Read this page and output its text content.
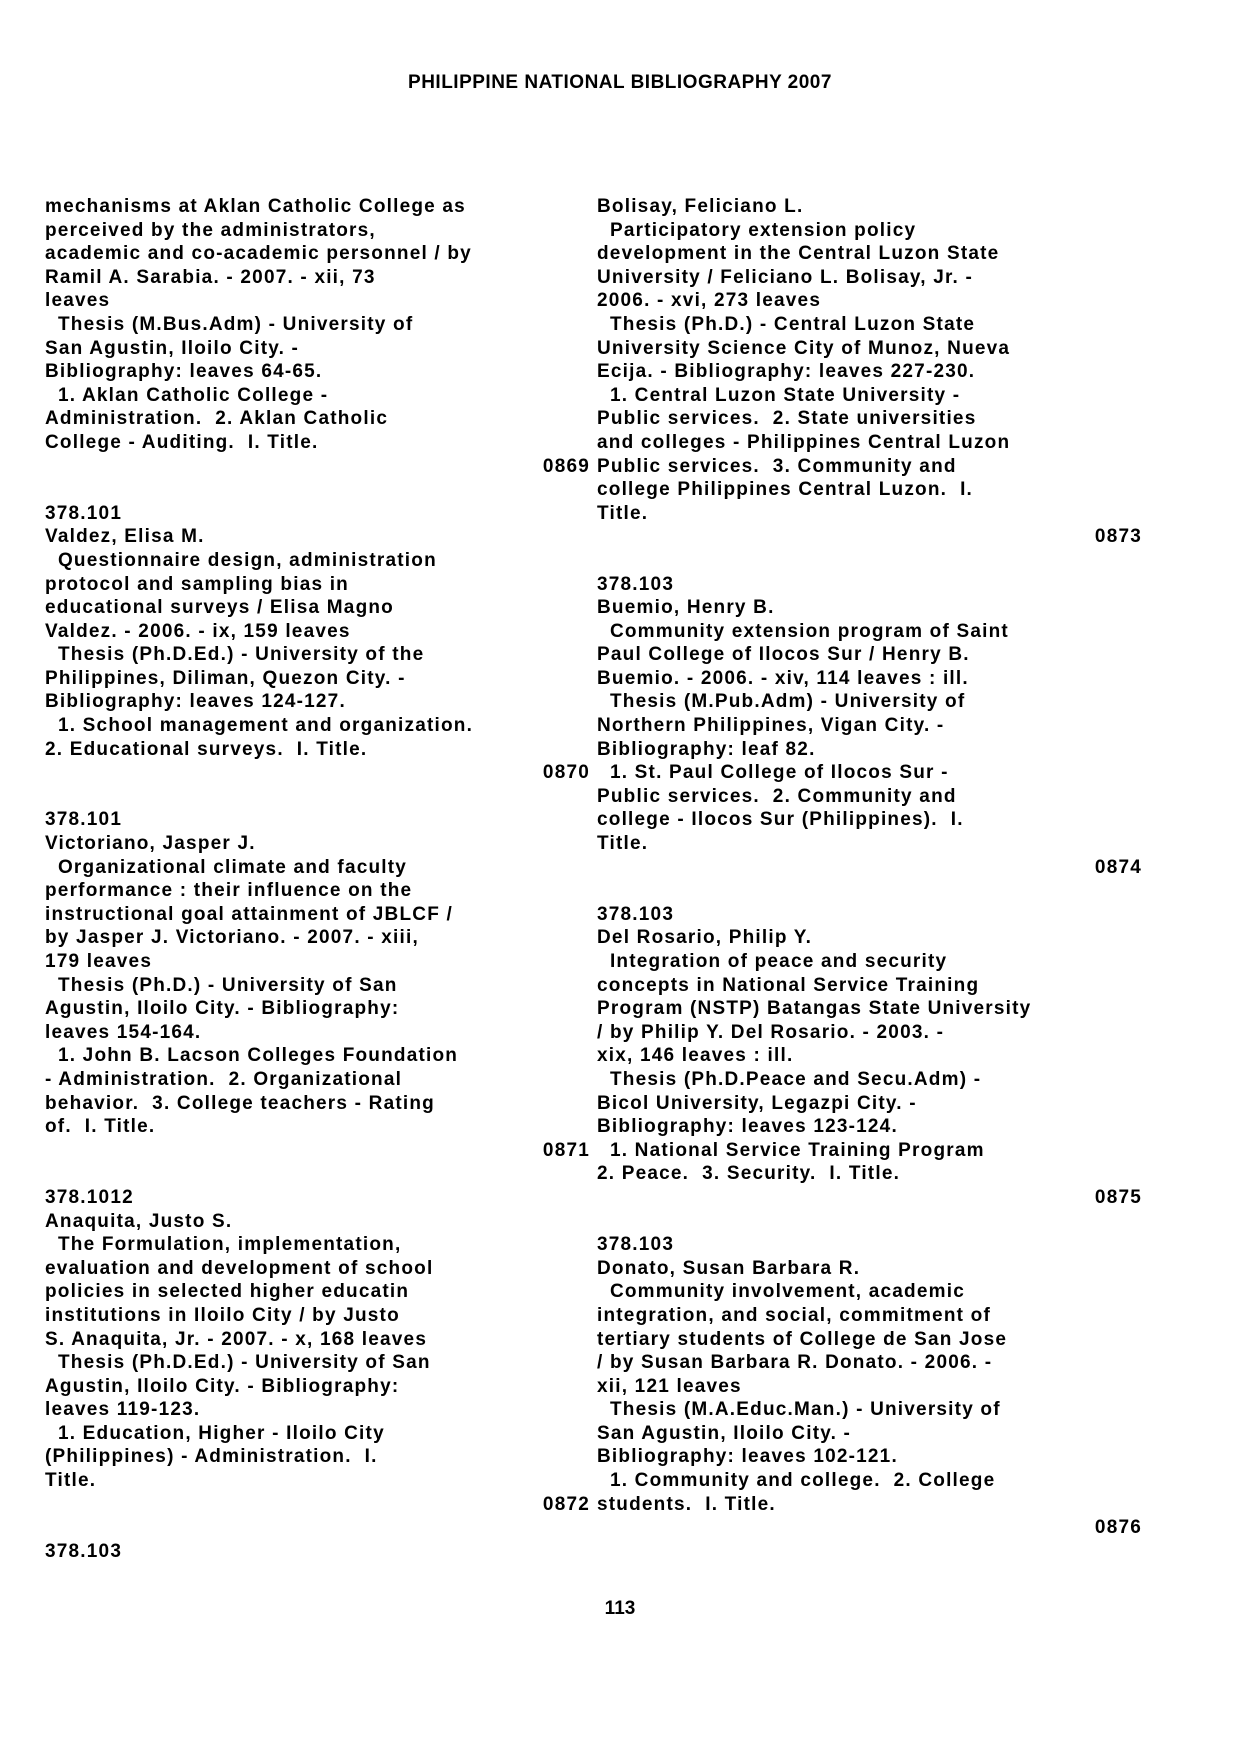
PHILIPPINE NATIONAL BIBLIOGRAPHY 2007
mechanisms at Aklan Catholic College as
perceived by the administrators,
academic and co-academic personnel / by
Ramil A. Sarabia. - 2007. - xii, 73
leaves
Thesis (M.Bus.Adm) - University of
San Agustin, Iloilo City. -
Bibliography: leaves 64-65.
1. Aklan Catholic College -
Administration.  2. Aklan Catholic
College - Auditing.  I. Title.
0869
378.101
Valdez, Elisa M.
Questionnaire design, administration
protocol and sampling bias in
educational surveys / Elisa Magno
Valdez. - 2006. - ix, 159 leaves
Thesis (Ph.D.Ed.) - University of the
Philippines, Diliman, Quezon City. -
Bibliography: leaves 124-127.
1. School management and organization.
2. Educational surveys.  I. Title.
0870
378.101
Victoriano, Jasper J.
Organizational climate and faculty
performance : their influence on the
instructional goal attainment of JBLCF /
by Jasper J. Victoriano. - 2007. - xiii,
179 leaves
Thesis (Ph.D.) - University of San
Agustin, Iloilo City. - Bibliography:
leaves 154-164.
1. John B. Lacson Colleges Foundation
- Administration.  2. Organizational
behavior.  3. College teachers - Rating
of.  I. Title.
0871
378.1012
Anaquita, Justo S.
The Formulation, implementation,
evaluation and development of school
policies in selected higher educatin
institutions in Iloilo City / by Justo
S. Anaquita, Jr. - 2007. - x, 168 leaves
Thesis (Ph.D.Ed.) - University of San
Agustin, Iloilo City. - Bibliography:
leaves 119-123.
1. Education, Higher - Iloilo City
(Philippines) - Administration.  I.
Title.
0872
378.103
Bolisay, Feliciano L.
Participatory extension policy
development in the Central Luzon State
University / Feliciano L. Bolisay, Jr. -
2006. - xvi, 273 leaves
Thesis (Ph.D.) - Central Luzon State
University Science City of Munoz, Nueva
Ecija. - Bibliography: leaves 227-230.
1. Central Luzon State University -
Public services.  2. State universities
and colleges - Philippines Central Luzon
Public services.  3. Community and
college Philippines Central Luzon.  I.
Title.
0873
378.103
Buemio, Henry B.
Community extension program of Saint
Paul College of Ilocos Sur / Henry B.
Buemio. - 2006. - xiv, 114 leaves : ill.
Thesis (M.Pub.Adm) - University of
Northern Philippines, Vigan City. -
Bibliography: leaf 82.
1. St. Paul College of Ilocos Sur -
Public services.  2. Community and
college - Ilocos Sur (Philippines).  I.
Title.
0874
378.103
Del Rosario, Philip Y.
Integration of peace and security
concepts in National Service Training
Program (NSTP) Batangas State University
/ by Philip Y. Del Rosario. - 2003. -
xix, 146 leaves : ill.
Thesis (Ph.D.Peace and Secu.Adm) -
Bicol University, Legazpi City. -
Bibliography: leaves 123-124.
1. National Service Training Program
2. Peace.  3. Security.  I. Title.
0875
378.103
Donato, Susan Barbara R.
Community involvement, academic
integration, and social, commitment of
tertiary students of College de San Jose
/ by Susan Barbara R. Donato. - 2006. -
xii, 121 leaves
Thesis (M.A.Educ.Man.) - University of
San Agustin, Iloilo City. -
Bibliography: leaves 102-121.
1. Community and college.  2. College
students.  I. Title.
0876
113
